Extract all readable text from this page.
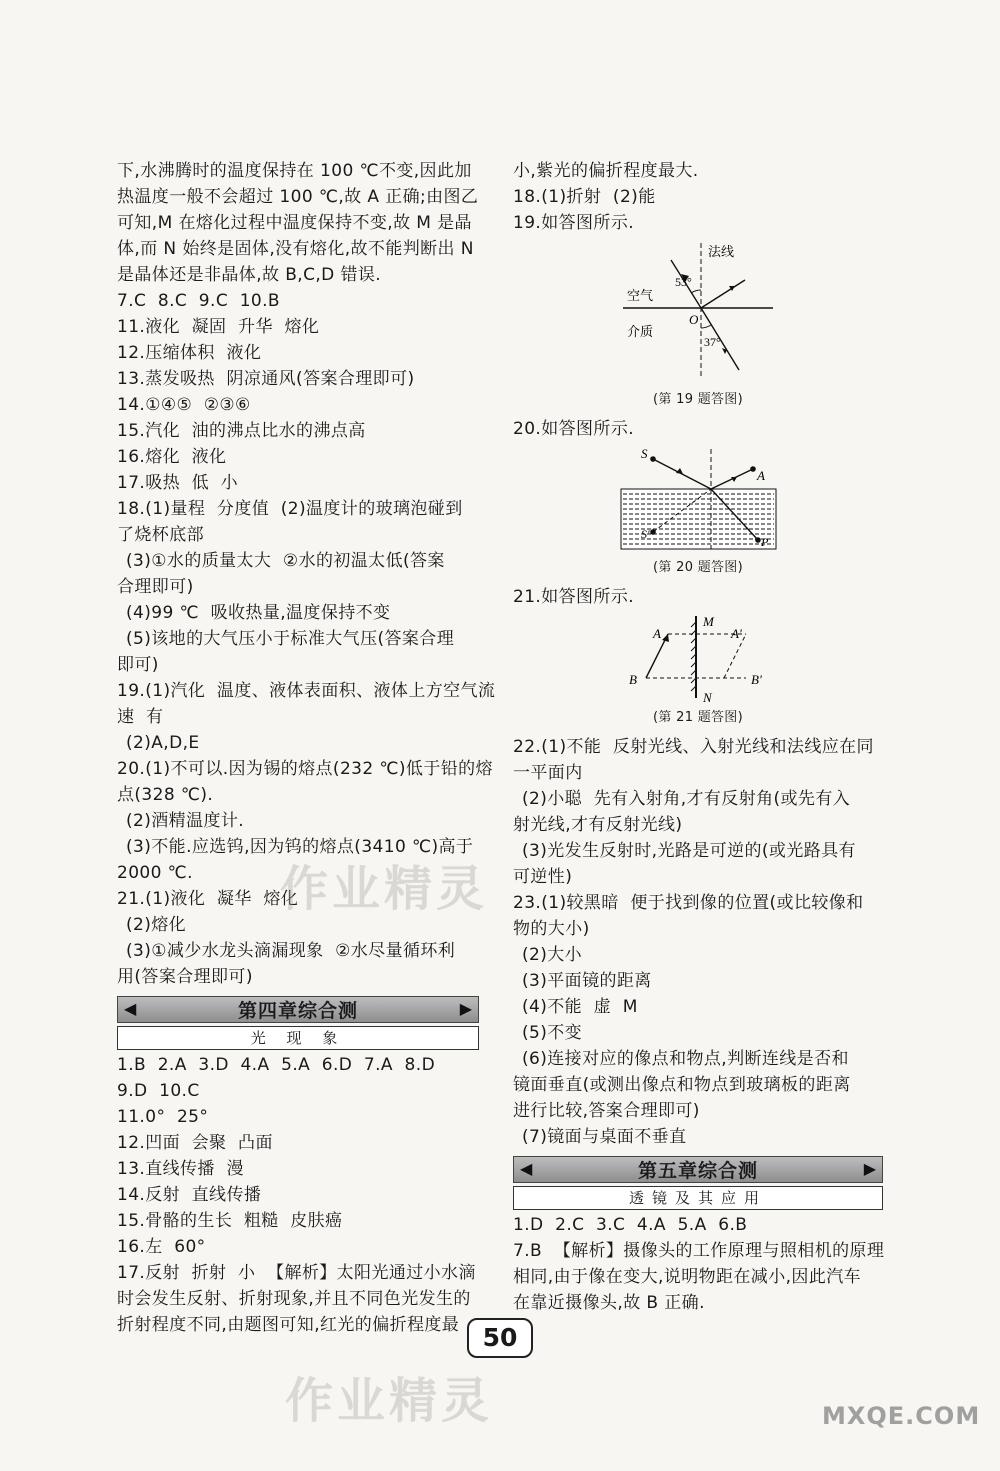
下,水沸腾时的温度保持在 100 ℃不变,因此加
热温度一般不会超过 100 ℃,故 A 正确;由图乙
可知,M 在熔化过程中温度保持不变,故 M 是晶
体,而 N 始终是固体,没有熔化,故不能判断出 N
是晶体还是非晶体,故 B,C,D 错误.
7.C  8.C  9.C  10.B
11.液化  凝固  升华  熔化
12.压缩体积  液化
13.蒸发吸热  阴凉通风(答案合理即可)
14.①④⑤  ②③⑥
15.汽化  油的沸点比水的沸点高
16.熔化  液化
17.吸热  低  小
18.(1)量程  分度值  (2)温度计的玻璃泡碰到
了烧杯底部
(3)①水的质量太大  ②水的初温太低(答案
合理即可)
(4)99 ℃  吸收热量,温度保持不变
(5)该地的大气压小于标准大气压(答案合理
即可)
19.(1)汽化  温度、液体表面积、液体上方空气流
速  有
(2)A,D,E
20.(1)不可以.因为锡的熔点(232 ℃)低于铅的熔
点(328 ℃).
(2)酒精温度计.
(3)不能.应选钨,因为钨的熔点(3410 ℃)高于
2000 ℃.
21.(1)液化  凝华  熔化
(2)熔化
(3)①减少水龙头滴漏现象  ②水尽量循环利
用(答案合理即可)
◀	第四章综合测	▶
光 现 象
1.B  2.A  3.D  4.A  5.A  6.D  7.A  8.D
9.D  10.C
11.0°  25°
12.凹面  会聚  凸面
13.直线传播  漫
14.反射  直线传播
15.骨骼的生长  粗糙  皮肤癌
16.左  60°
17.反射  折射  小  【解析】太阳光通过小水滴
时会发生反射、折射现象,并且不同色光发生的
折射程度不同,由题图可知,红光的偏折程度最
小,紫光的偏折程度最大.
18.(1)折射  (2)能
19.如答图所示.
法线
空气
介质
O
53°
37°
(第 19 题答图)
20.如答图所示.
S
A
P
S'
(第 20 题答图)
21.如答图所示.
M
N
A
B
A'
B'
(第 21 题答图)
22.(1)不能  反射光线、入射光线和法线应在同
一平面内
(2)小聪  先有入射角,才有反射角(或先有入
射光线,才有反射光线)
(3)光发生反射时,光路是可逆的(或光路具有
可逆性)
23.(1)较黑暗  便于找到像的位置(或比较像和
物的大小)
(2)大小
(3)平面镜的距离
(4)不能  虚  M
(5)不变
(6)连接对应的像点和物点,判断连线是否和
镜面垂直(或测出像点和物点到玻璃板的距离
进行比较,答案合理即可)
(7)镜面与桌面不垂直
◀	第五章综合测	▶
透镜及其应用
1.D  2.C  3.C  4.A  5.A  6.B
7.B  【解析】摄像头的工作原理与照相机的原理
相同,由于像在变大,说明物距在减小,因此汽车
在靠近摄像头,故 B 正确.
50
作业精灵
作业精灵	MXQE.COM
